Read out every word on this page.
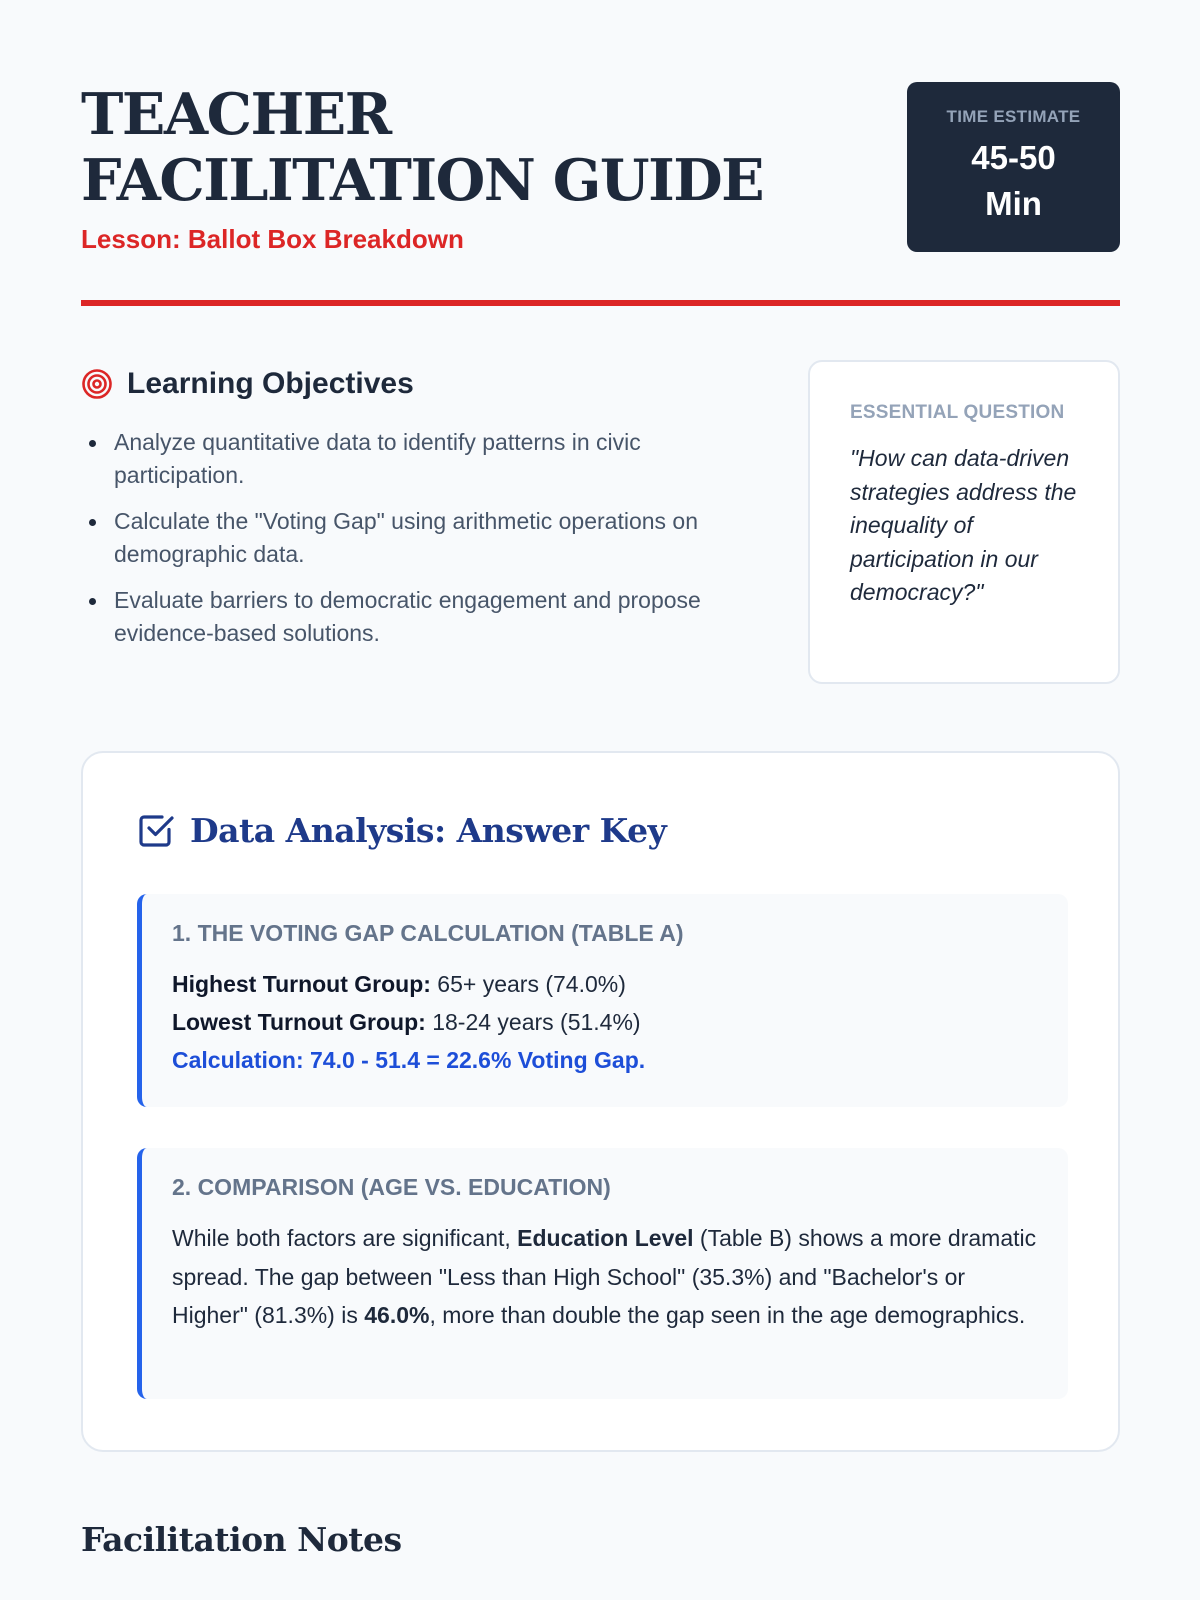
TEACHER FACILITATION GUIDE
Lesson: Ballot Box Breakdown
TIME ESTIMATE
45-50
Min
Learning Objectives
Analyze quantitative data to identify patterns in civic participation.
Calculate the "Voting Gap" using arithmetic operations on demographic data.
Evaluate barriers to democratic engagement and propose evidence-based solutions.
ESSENTIAL QUESTION
"How can data-driven strategies address the inequality of participation in our democracy?"
Data Analysis: Answer Key
1. THE VOTING GAP CALCULATION (TABLE A)
Highest Turnout Group: 65+ years (74.0%)
Lowest Turnout Group: 18-24 years (51.4%)
Calculation: 74.0 - 51.4 = 22.6% Voting Gap.
2. COMPARISON (AGE VS. EDUCATION)

While both factors are significant, Education Level (Table B) shows a more dramatic spread. The gap between "Less than High School" (35.3%) and "Bachelor's or Higher" (81.3%) is 46.0%, more than double the gap seen in the age demographics.

Facilitation Notes
